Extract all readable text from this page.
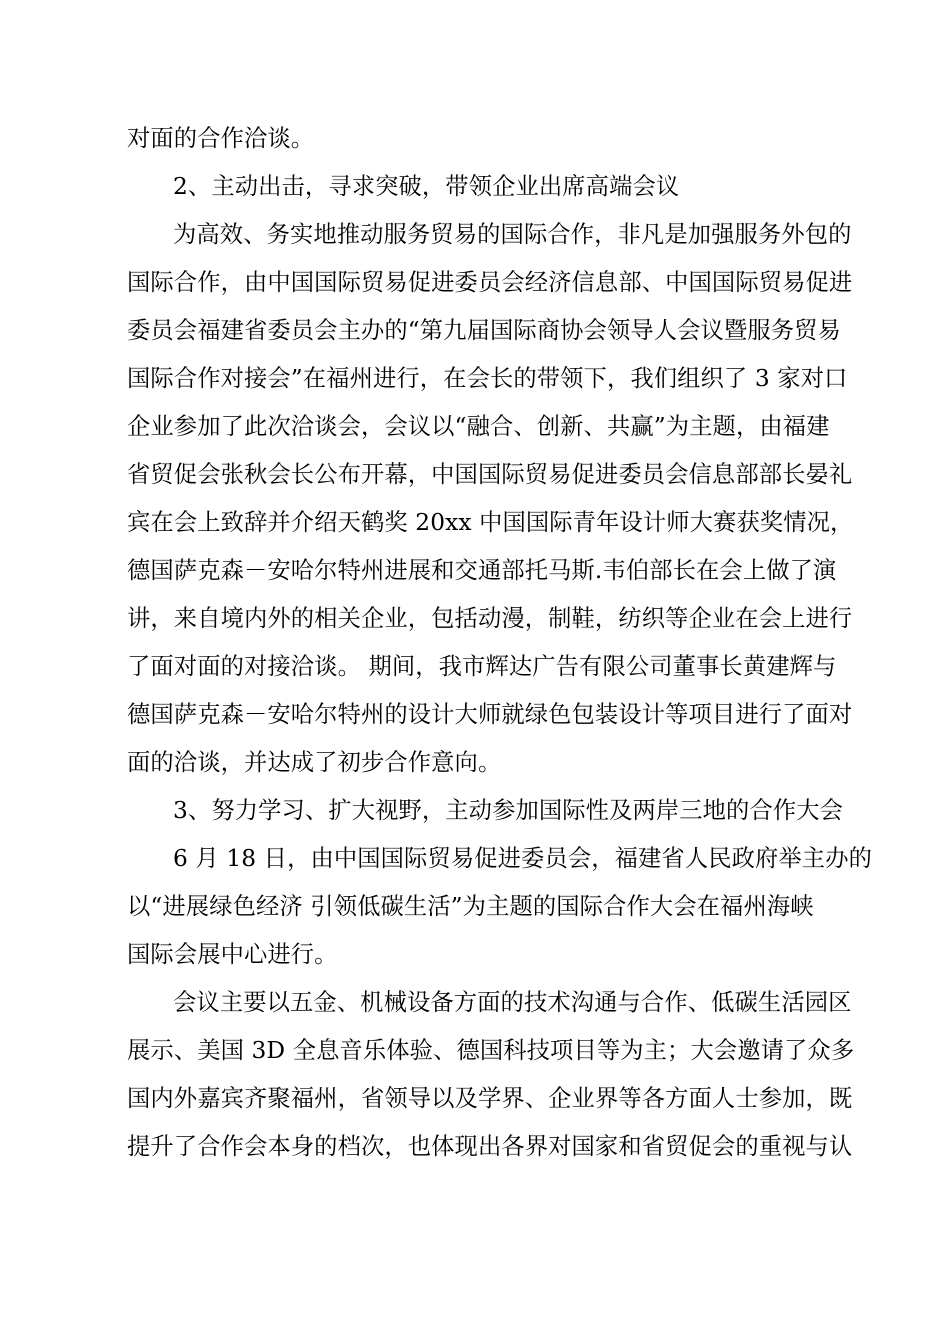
对面的合作洽谈。

2、主动出击，寻求突破，带领企业出席高端会议

为高效、务实地推动服务贸易的国际合作，非凡是加强服务外包的
国际合作，由中国国际贸易促进委员会经济信息部、中国国际贸易促进
委员会福建省委员会主办的“第九届国际商协会领导人会议暨服务贸易
国际合作对接会”在福州进行，在会长的带领下，我们组织了 3 家对口
企业参加了此次洽谈会，会议以“融合、创新、共赢”为主题，由福建
省贸促会张秋会长公布开幕，中国国际贸易促进委员会信息部部长晏礼
宾在会上致辞并介绍天鹤奖 20xx 中国国际青年设计师大赛获奖情况，
德国萨克森－安哈尔特州进展和交通部托马斯.韦伯部长在会上做了演
讲，来自境内外的相关企业，包括动漫，制鞋，纺织等企业在会上进行
了面对面的对接洽谈。 期间，我市辉达广告有限公司董事长黄建辉与
德国萨克森－安哈尔特州的设计大师就绿色包装设计等项目进行了面对
面的洽谈，并达成了初步合作意向。

3、努力学习、扩大视野，主动参加国际性及两岸三地的合作大会

6 月 18 日，由中国国际贸易促进委员会，福建省人民政府举主办的
以“进展绿色经济 引领低碳生活”为主题的国际合作大会在福州海峡
国际会展中心进行。

会议主要以五金、机械设备方面的技术沟通与合作、低碳生活园区
展示、美国 3D 全息音乐体验、德国科技项目等为主；大会邀请了众多
国内外嘉宾齐聚福州，省领导以及学界、企业界等各方面人士参加，既
提升了合作会本身的档次，也体现出各界对国家和省贸促会的重视与认
